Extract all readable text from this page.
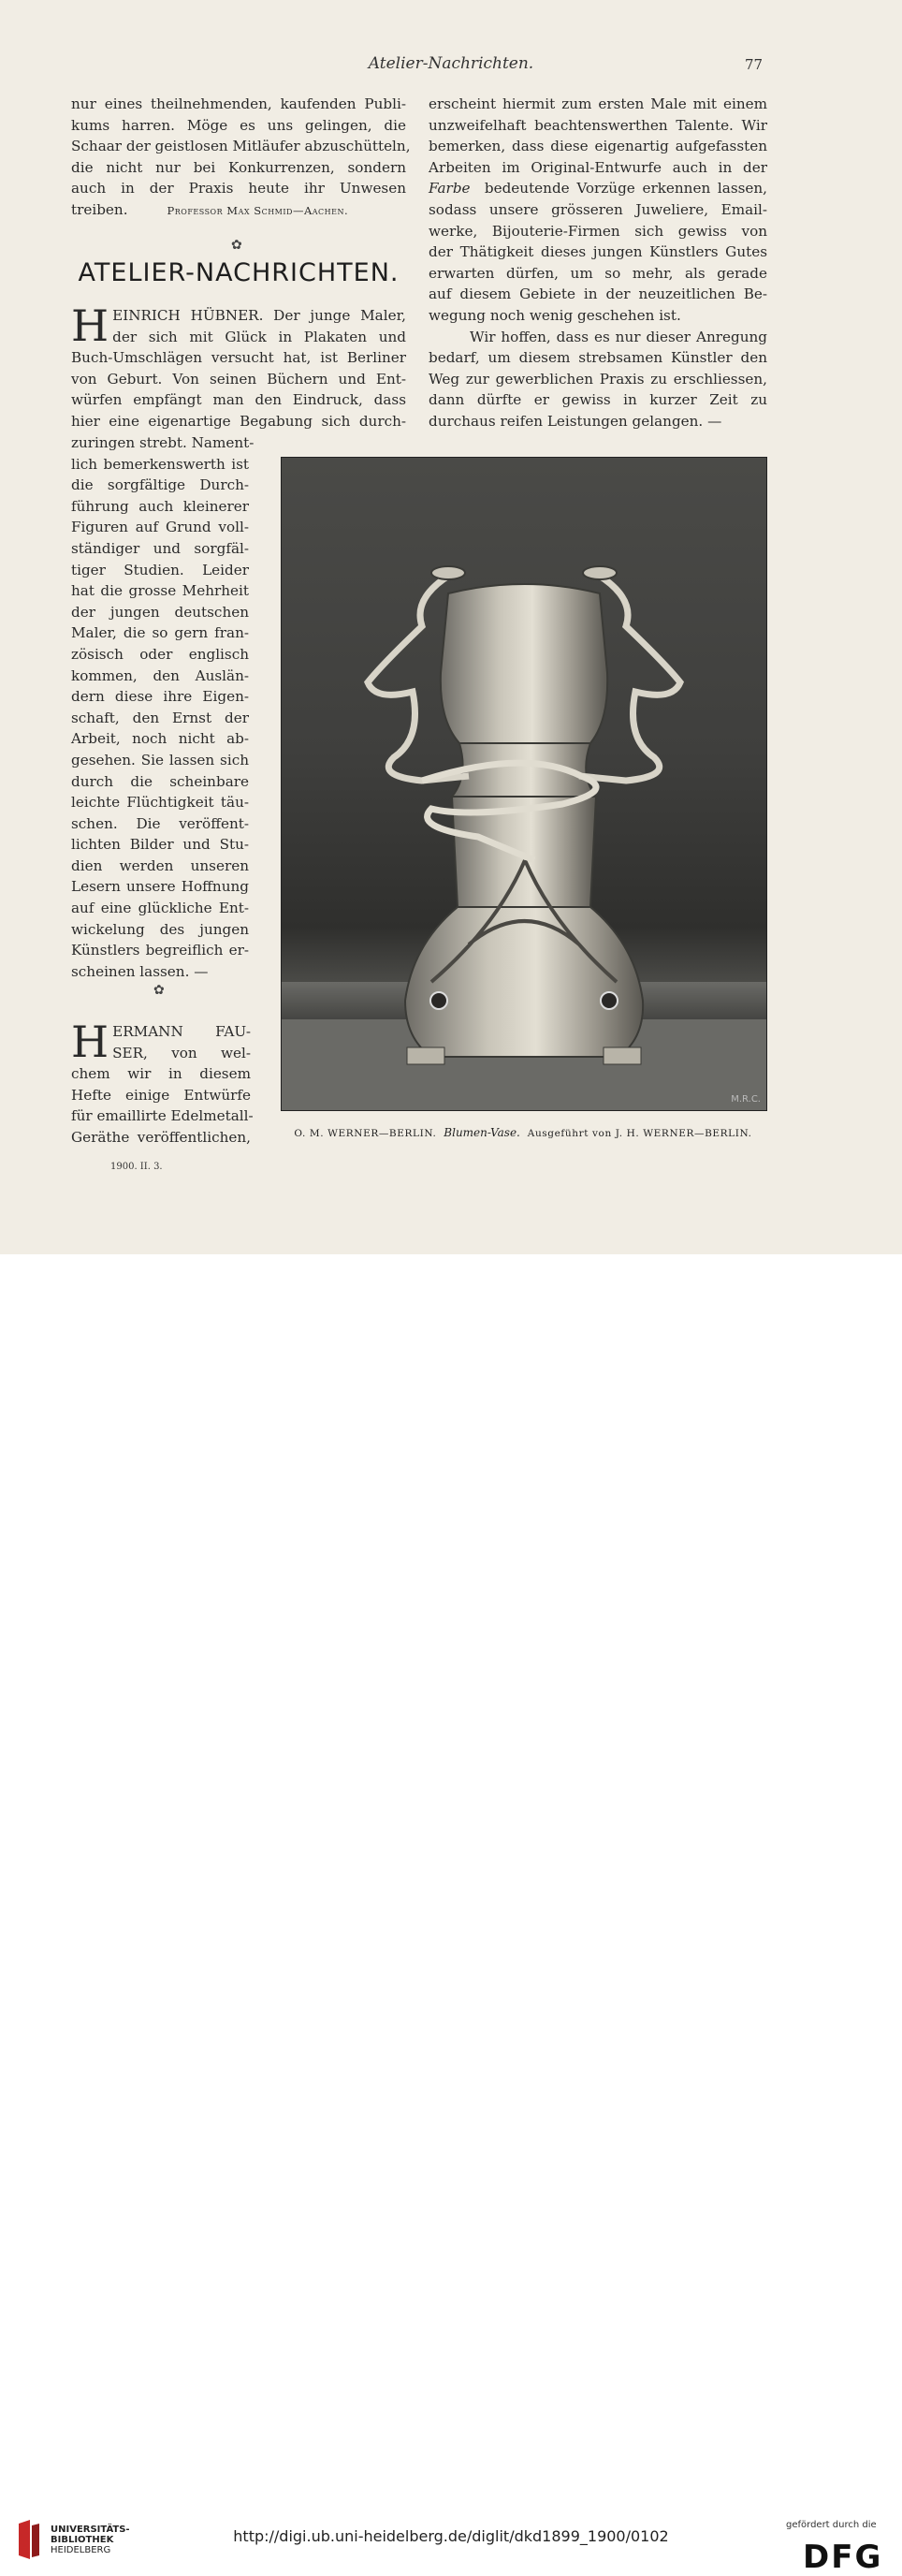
Atelier-Nachrichten.	77
nur eines theilnehmenden, kaufenden Publi-
kums harren. Möge es uns gelingen, die
Schaar der geistlosen Mitläufer abzuschütteln,
die nicht nur bei Konkurrenzen, sondern
auch in der Praxis heute ihr Unwesen
treiben.	Professor Max Schmid—Aachen.
✿
ATELIER-NACHRICHTEN.
H EINRICH HÜBNER. Der junge Maler,
der sich mit Glück in Plakaten und
Buch-Umschlägen versucht hat, ist Berliner
von Geburt. Von seinen Büchern und Ent-
würfen empfängt man den Eindruck, dass
hier eine eigenartige Begabung sich durch-
zuringen strebt. Nament-
lich bemerkenswerth ist
die sorgfältige Durch-
führung auch kleinerer
Figuren auf Grund voll-
ständiger und sorgfäl-
tiger Studien. Leider
hat die grosse Mehrheit
der jungen deutschen
Maler, die so gern fran-
zösisch oder englisch
kommen, den Auslän-
dern diese ihre Eigen-
schaft, den Ernst der
Arbeit, noch nicht ab-
gesehen. Sie lassen sich
durch die scheinbare
leichte Flüchtigkeit täu-
schen. Die veröffent-
lichten Bilder und Stu-
dien werden unseren
Lesern unsere Hoffnung
auf eine glückliche Ent-
wickelung des jungen
Künstlers begreiflich er-
scheinen lassen. —
✿
H ERMANN FAU-
SER, von wel-
chem wir in diesem
Hefte einige Entwürfe
für emaillirte Edelmetall-
Geräthe veröffentlichen,
erscheint hiermit zum ersten Male mit einem
unzweifelhaft beachtenswerthen Talente. Wir
bemerken, dass diese eigenartig aufgefassten
Arbeiten im Original-Entwurfe auch in der
Farbe bedeutende Vorzüge erkennen lassen,
sodass unsere grösseren Juweliere, Email-
werke, Bijouterie-Firmen sich gewiss von
der Thätigkeit dieses jungen Künstlers Gutes
erwarten dürfen, um so mehr, als gerade
auf diesem Gebiete in der neuzeitlichen Be-
wegung noch wenig geschehen ist.
Wir hoffen, dass es nur dieser Anregung
bedarf, um diesem strebsamen Künstler den
Weg zur gewerblichen Praxis zu erschliessen,
dann dürfte er gewiss in kurzer Zeit zu
durchaus reifen Leistungen gelangen. —
M.R.C.
O. M. WERNER—BERLIN. Blumen-Vase. Ausgeführt von J. H. WERNER—BERLIN.
1900. II. 3.
UNIVERSITÄTS-
BIBLIOTHEK
HEIDELBERG
http://digi.ub.uni-heidelberg.de/diglit/dkd1899_1900/0102
gefördert durch die
DFG
